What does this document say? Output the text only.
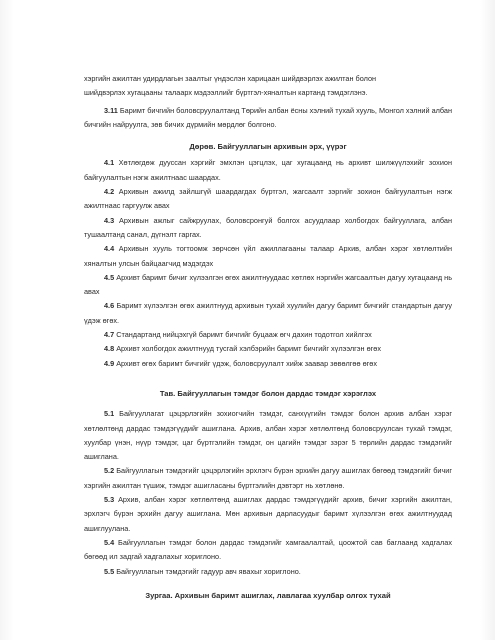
хэргийн ажилтан удирдлагын заалтыг үндэслэн харицаан шийдвэрлэх ажилтан болон

шийдвэрлэх хугацааны талаарх мэдээллийг бүртгэл-хяналтын картанд тэмдэглэнэ.

3.11 Баримт бичгийн боловсруулалтанд Төрийн албан ёсны хэлний тухай хууль, Монгол хэлний албан бичгийн найруулга, зөв бичих дүрмийн мөрдлөг болгоно.

Дөрөв. Байгууллагын архивын эрх, үүрэг

4.1 Хөтлөгдөж дууссан хэргийг эмхлэн цэгцлэх, цаг хугацаанд нь архивт шилжүүлэхийг зохион байгуулалтын нэгж ажилтнаас шаардах.

4.2 Архивын ажилд зайлшгүй шаардагдах бүртгэл, жагсаалт зэргийг зохион байгуулалтын нэгж ажилтнаас гаргуулж авах

4.3 Архивын ажлыг сайжруулах, боловсронгуй болгох асуудлаар холбогдох байгууллага, албан тушаалтанд санал, дүгнэлт гаргах.

4.4 Архивын хууль тогтоомж зөрчсөн үйл ажиллагааны талаар Архив, албан хэрэг хөтлөлтийн хяналтын улсын байцаагчид мэдэгдэх

4.5 Архивт баримт бичиг хүлээлгэн өгөх ажилтнуудаас хөтлөх нэргийн жагсаалтын дагуу хугацаанд нь авах

4.6 Баримт хүлээлгэн өгөх ажилтнууд архивын тухай хуулийн дагуу баримт бичгийг стандартын дагуу үдэж өгөх.

4.7 Стандартанд нийцэхгүй баримт бичгийг буцааж өгч дахин тодотгол хийлгэх

4.8 Архивт холбогдох ажилтнууд тусгай хэлбэрийн баримт бичгийг хүлээлгэн өгөх

4.9 Архивт өгөх баримт бичгийг үдэж, боловсруулалт хийж заавар зөвөлгөө өгөх

Тав. Байгууллагын тэмдэг болон дардас тэмдэг хэрэглэх

5.1 Байгууллагат цэцэрлэгийн зохиогчийн тэмдэг, санхүүгийн тэмдэг болон архив албан хэрэг хөтлөлтөнд дардас тэмдэгүүдийг ашиглана. Архив, албан хэрэг хөтлөлтөнд боловсруулсан тухай тэмдэг, хуулбар үнэн, нүүр тэмдэг, цаг бүртгэлийн тэмдэг, он цагийн тэмдэг зэрэг 5 төрлийн дардас тэмдэгийг ашиглана.

5.2 Байгууллагын тэмдэгийг цэцэрлэгийн эрхлэгч бүрэн эрхийн дагуу ашиглах бөгөөд тэмдэгийг бичиг хэргийн ажилтан түшиж, тэмдэг ашигласаны бүртгэлийн дэвтэрт нь хөтлөнө.

5.3 Архив, албан хэрэг хөтлөлтөнд ашиглах дардас тэмдэгүүдийг архив, бичиг хэргийн ажилтан, эрхлэгч бүрэн эрхийн дагуу ашиглана. Мөн архивын дарласуудыг баримт хүлээлгэн өгөх ажилтнуудад ашиглуулана.

5.4 Байгууллагын тэмдэг болон дардас тэмдэгийг хамгаалалтай, цоожтой сав баглаанд хадгалах бөгөөд ил задгай хадгалахыг хориглоно.

5.5 Байгууллагын тэмдэгийг гадуур авч явахыг хориглоно.

Зургаа. Архивын баримт ашиглах, лавлагаа хуулбар олгох тухай
